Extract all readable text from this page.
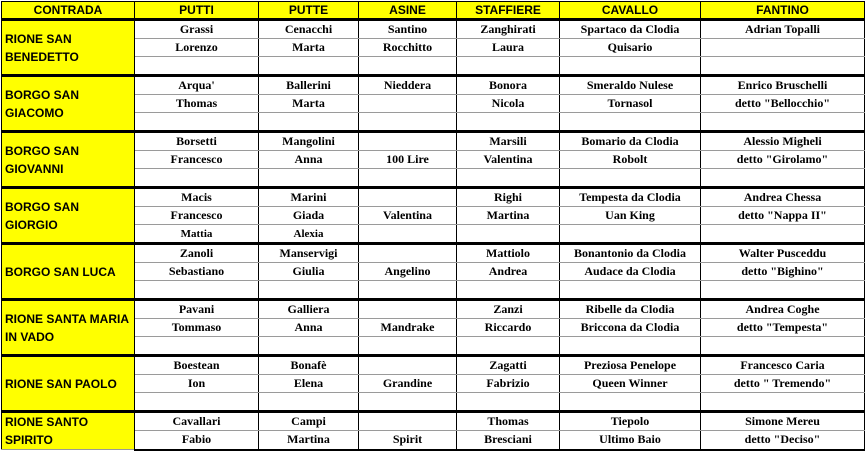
CONTRADA	PUTTI	PUTTE	ASINE	STAFFIERE	CAVALLO	FANTINO
RIONE SAN BENEDETTO	Grassi	Cenacchi	Santino	Zanghirati	Spartaco da Clodia	Adrian Topalli
	Lorenzo	Marta	Rocchitto	Laura	Quisario	

BORGO SAN GIACOMO	Arqua'	Ballerini	Nieddera	Bonora	Smeraldo Nulese	Enrico Bruschelli
	Thomas	Marta		Nicola	Tornasol	detto "Bellocchio"

BORGO SAN GIOVANNI	Borsetti	Mangolini		Marsili	Bomario da Clodia	Alessio Migheli
	Francesco	Anna	100 Lire	Valentina	Robolt	detto "Girolamo"

BORGO SAN GIORGIO	Macis	Marini		Righi	Tempesta da Clodia	Andrea Chessa
	Francesco	Giada	Valentina	Martina	Uan King	detto "Nappa II"
	Mattia	Alexia				
BORGO SAN LUCA	Zanoli	Manservigi		Mattiolo	Bonantonio da Clodia	Walter Pusceddu
	Sebastiano	Giulia	Angelino	Andrea	Audace da Clodia	detto "Bighino"

RIONE SANTA MARIA IN VADO	Pavani	Galliera		Zanzi	Ribelle da Clodia	Andrea Coghe
	Tommaso	Anna	Mandrake	Riccardo	Briccona da Clodia	detto "Tempesta"

RIONE SAN PAOLO	Boestean	Bonafè		Zagatti	Preziosa Penelope	Francesco Caria
	Ion	Elena	Grandine	Fabrizio	Queen Winner	detto " Tremendo"

RIONE SANTO SPIRITO	Cavallari	Campi		Thomas	Tiepolo	Simone Mereu
	Fabio	Martina	Spirit	Bresciani	Ultimo Baio	detto "Deciso"
